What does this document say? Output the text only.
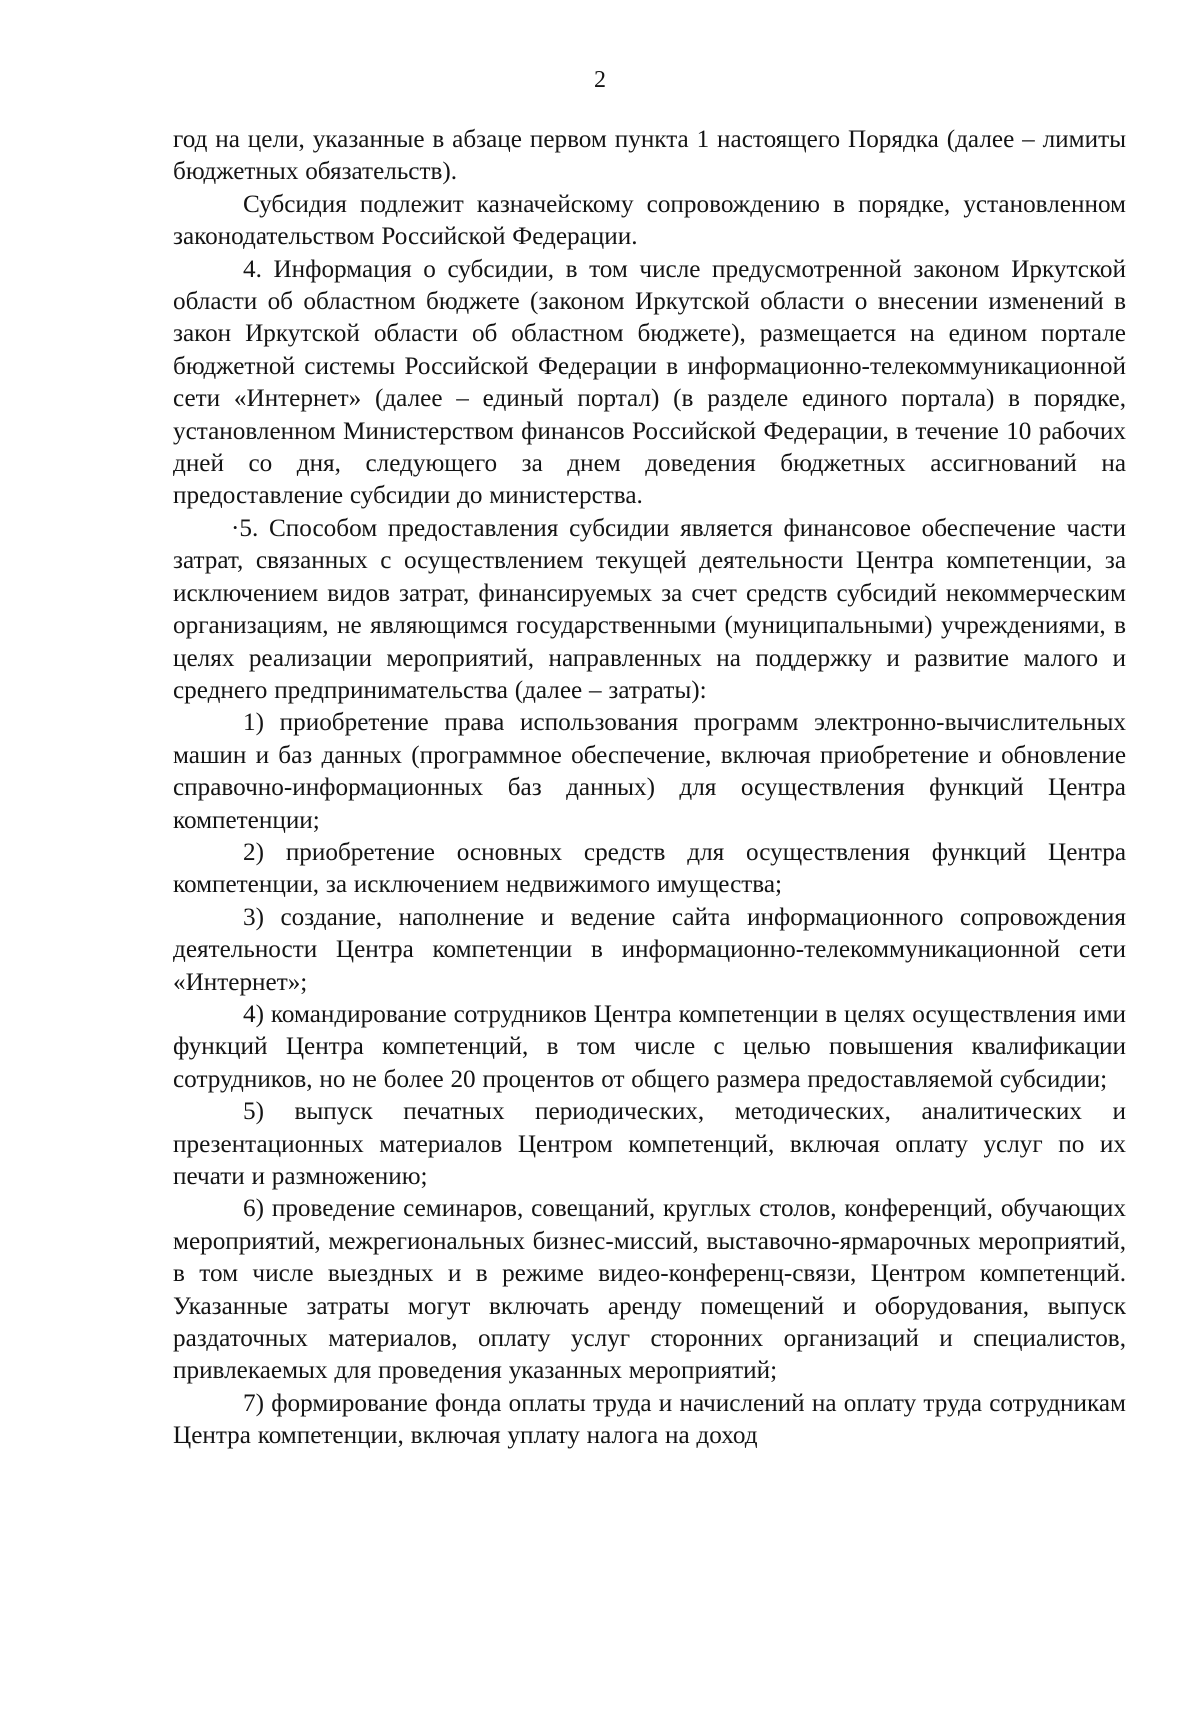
2

год на цели, указанные в абзаце первом пункта 1 настоящего Порядка (далее – лимиты бюджетных обязательств).

Субсидия подлежит казначейскому сопровождению в порядке, установленном законодательством Российской Федерации.

4. Информация о субсидии, в том числе предусмотренной законом Иркутской области об областном бюджете (законом Иркутской области о внесении изменений в закон Иркутской области об областном бюджете), размещается на едином портале бюджетной системы Российской Федерации в информационно-телекоммуникационной сети «Интернет» (далее – единый портал) (в разделе единого портала) в порядке, установленном Министерством финансов Российской Федерации, в течение 10 рабочих дней со дня, следующего за днем доведения бюджетных ассигнований на предоставление субсидии до министерства.

·5. Способом предоставления субсидии является финансовое обеспечение части затрат, связанных с осуществлением текущей деятельности Центра компетенции, за исключением видов затрат, финансируемых за счет средств субсидий некоммерческим организациям, не являющимся государственными (муниципальными) учреждениями, в целях реализации мероприятий, направленных на поддержку и развитие малого и среднего предпринимательства (далее – затраты):

1) приобретение права использования программ электронно-вычислительных машин и баз данных (программное обеспечение, включая приобретение и обновление справочно-информационных баз данных) для осуществления функций Центра компетенции;

2) приобретение основных средств для осуществления функций Центра компетенции, за исключением недвижимого имущества;

3) создание, наполнение и ведение сайта информационного сопровождения деятельности Центра компетенции в информационно-телекоммуникационной сети «Интернет»;

4) командирование сотрудников Центра компетенции в целях осуществления ими функций Центра компетенций, в том числе с целью повышения квалификации сотрудников, но не более 20 процентов от общего размера предоставляемой субсидии;

5) выпуск печатных периодических, методических, аналитических и презентационных материалов Центром компетенций, включая оплату услуг по их печати и размножению;

6) проведение семинаров, совещаний, круглых столов, конференций, обучающих мероприятий, межрегиональных бизнес-миссий, выставочно-ярмарочных мероприятий, в том числе выездных и в режиме видео-конференц-связи, Центром компетенций. Указанные затраты могут включать аренду помещений и оборудования, выпуск раздаточных материалов, оплату услуг сторонних организаций и специалистов, привлекаемых для проведения указанных мероприятий;

7) формирование фонда оплаты труда и начислений на оплату труда сотрудникам Центра компетенции, включая уплату налога на доход
